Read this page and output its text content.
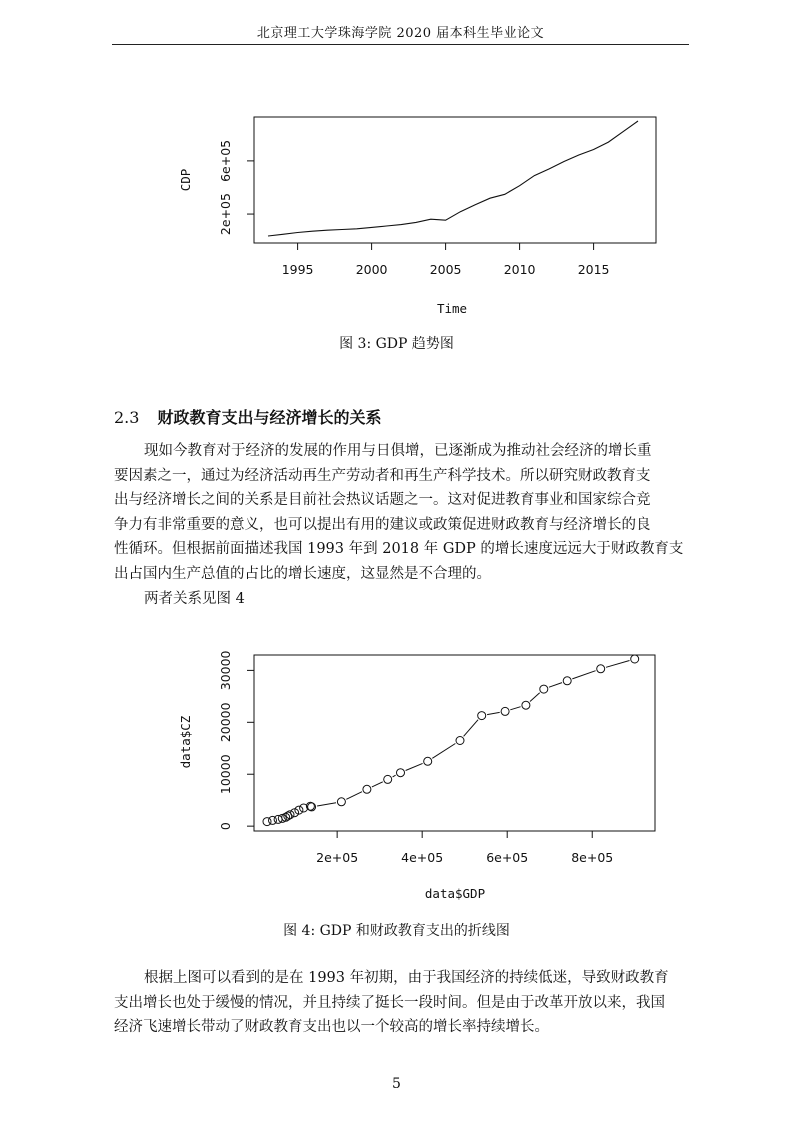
北京理工大学珠海学院 2020 届本科生毕业论文
1995	2000	2005	2010	2015
2e+05
6e+05
Time
CDP
图 3: GDP 趋势图
2.3 财政教育支出与经济增长的关系
现如今教育对于经济的发展的作用与日俱增，已逐渐成为推动社会经济的增长重
要因素之一，通过为经济活动再生产劳动者和再生产科学技术。所以研究财政教育支
出与经济增长之间的关系是目前社会热议话题之一。这对促进教育事业和国家综合竞
争力有非常重要的意义，也可以提出有用的建议或政策促进财政教育与经济增长的良
性循环。但根据前面描述我国 1993 年到 2018 年 GDP 的增长速度远远大于财政教育支
出占国内生产总值的占比的增长速度，这显然是不合理的。
两者关系见图 4
2e+05	4e+05	6e+05	8e+05
0
10000
20000
30000
data$GDP
data$CZ
图 4: GDP 和财政教育支出的折线图
根据上图可以看到的是在 1993 年初期，由于我国经济的持续低迷，导致财政教育
支出增长也处于缓慢的情况，并且持续了挺长一段时间。但是由于改革开放以来，我国
经济飞速增长带动了财政教育支出也以一个较高的增长率持续增长。
5
